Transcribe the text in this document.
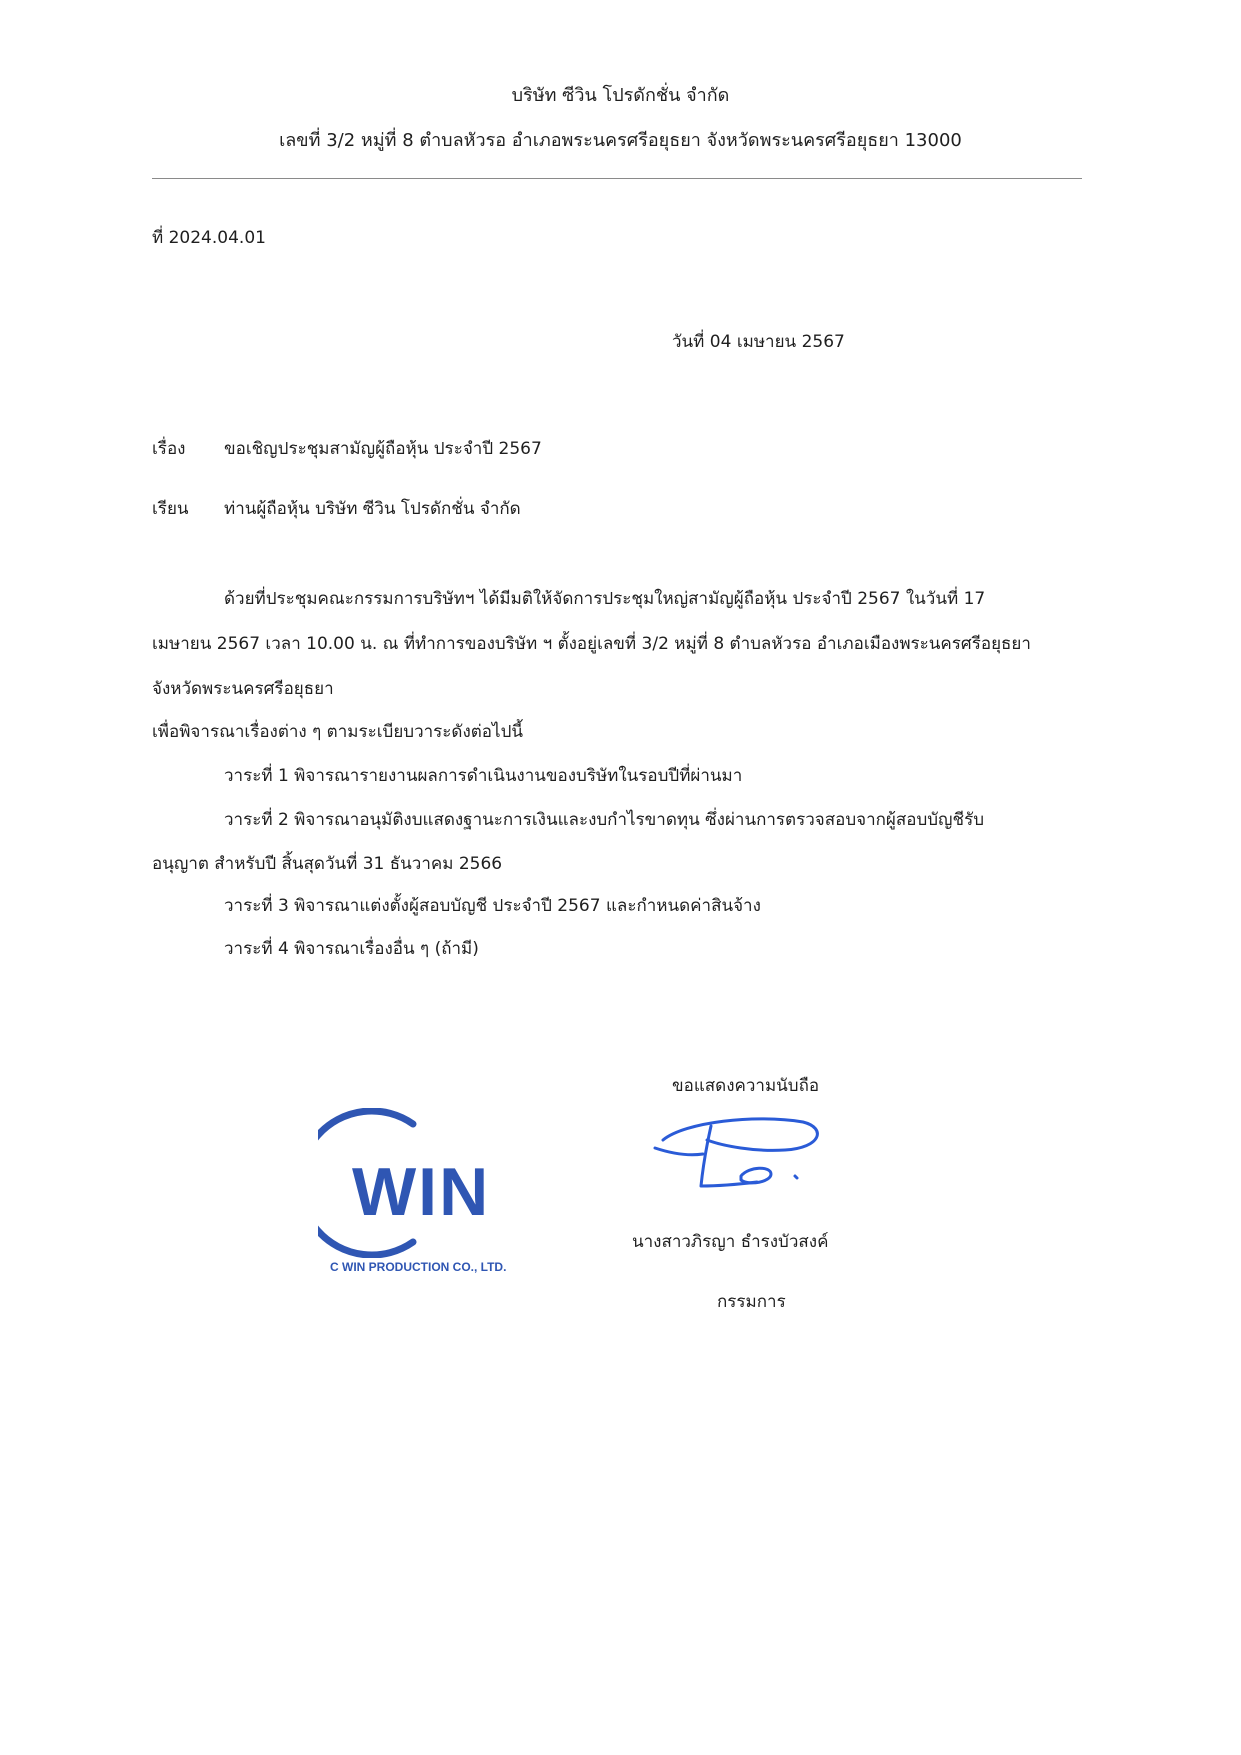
บริษัท ซีวิน โปรดักชั่น จำกัด
เลขที่ 3/2 หมู่ที่ 8 ตำบลหัวรอ อำเภอพระนครศรีอยุธยา จังหวัดพระนครศรีอยุธยา 13000
ที่ 2024.04.01
วันที่ 04 เมษายน 2567
เรื่อง ขอเชิญประชุมสามัญผู้ถือหุ้น ประจำปี 2567
เรียน ท่านผู้ถือหุ้น บริษัท ซีวิน โปรดักชั่น จำกัด
ด้วยที่ประชุมคณะกรรมการบริษัทฯ ได้มีมติให้จัดการประชุมใหญ่สามัญผู้ถือหุ้น ประจำปี 2567 ในวันที่ 17
เมษายน 2567 เวลา 10.00 น. ณ ที่ทำการของบริษัท ฯ ตั้งอยู่เลขที่ 3/2 หมู่ที่ 8 ตำบลหัวรอ อำเภอเมืองพระนครศรีอยุธยา
จังหวัดพระนครศรีอยุธยา
เพื่อพิจารณาเรื่องต่าง ๆ ตามระเบียบวาระดังต่อไปนี้
วาระที่ 1 พิจารณารายงานผลการดำเนินงานของบริษัทในรอบปีที่ผ่านมา
วาระที่ 2 พิจารณาอนุมัติงบแสดงฐานะการเงินและงบกำไรขาดทุน ซึ่งผ่านการตรวจสอบจากผู้สอบบัญชีรับ
อนุญาต สำหรับปี สิ้นสุดวันที่ 31 ธันวาคม 2566
วาระที่ 3 พิจารณาแต่งตั้งผู้สอบบัญชี ประจำปี 2567 และกำหนดค่าสินจ้าง
วาระที่ 4 พิจารณาเรื่องอื่น ๆ (ถ้ามี)
ขอแสดงความนับถือ
นางสาวภิรญา ธำรงบัวสงค์
กรรมการ
WIN
C WIN PRODUCTION CO., LTD.
